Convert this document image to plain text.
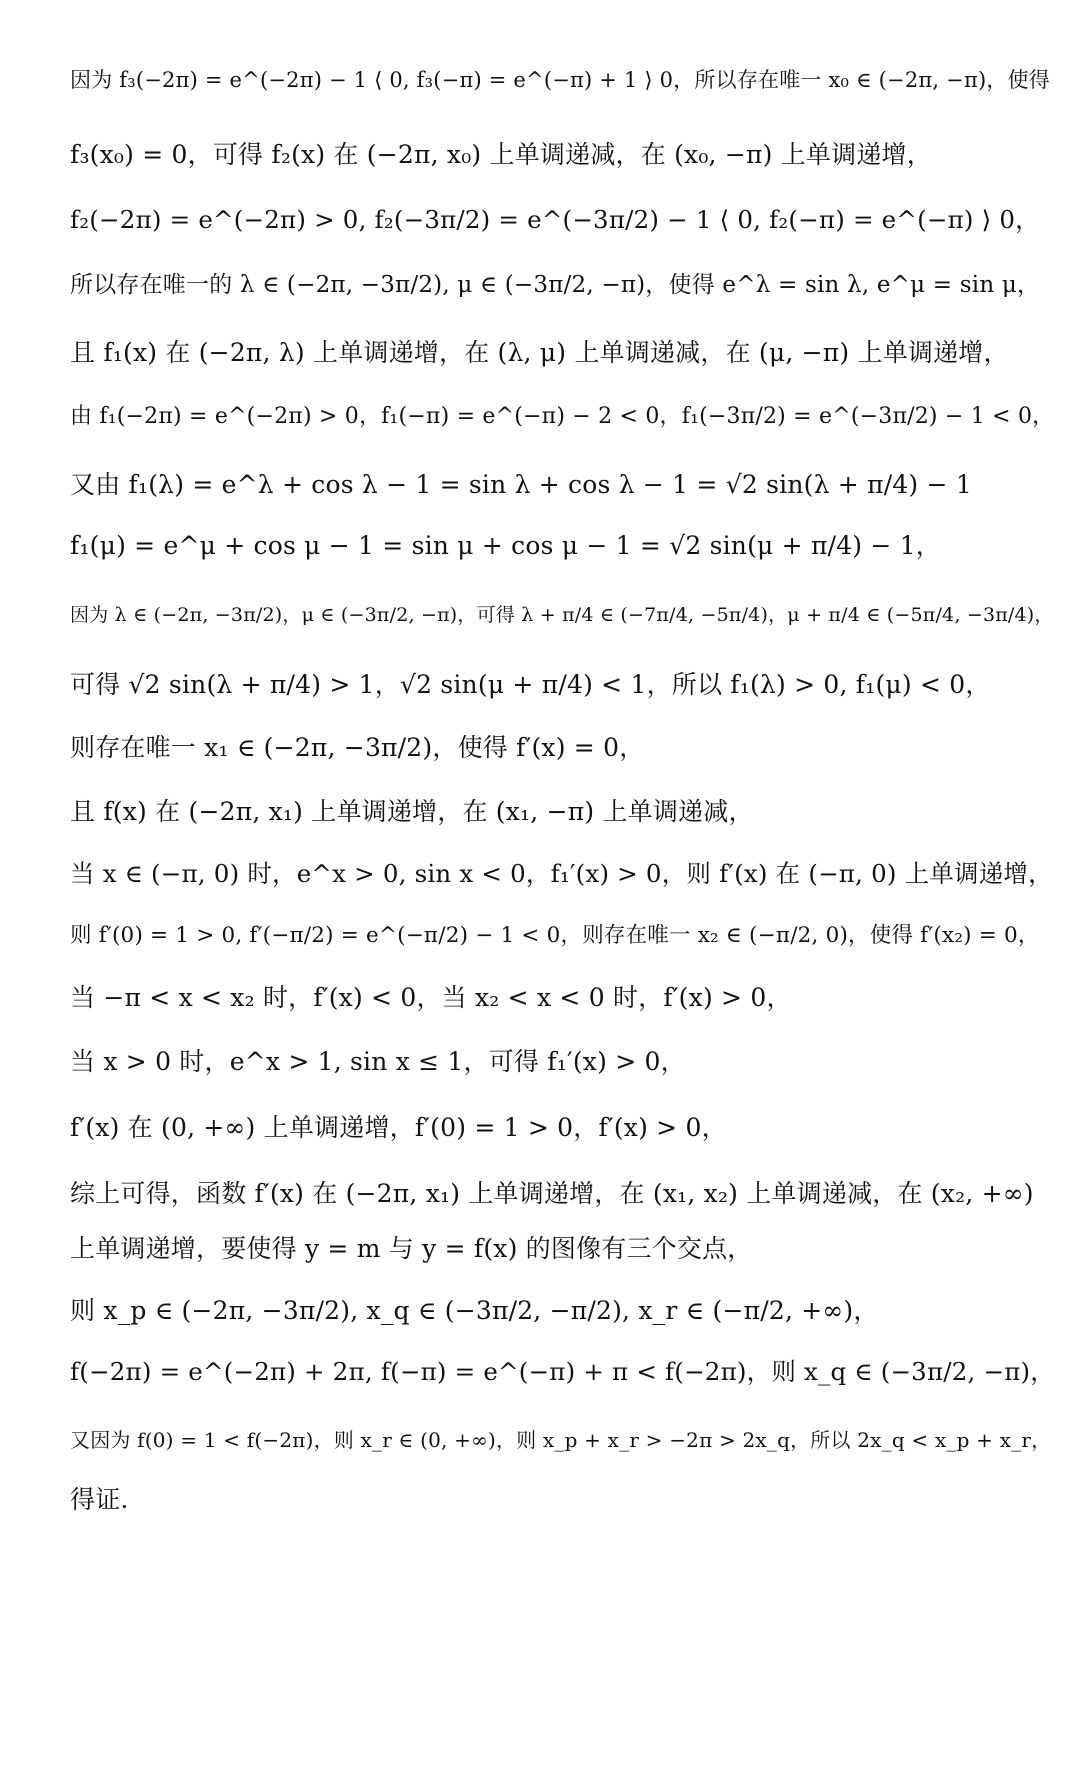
因为 f₃(−2π) = e^(−2π) − 1 ⟨ 0, f₃(−π) = e^(−π) + 1 ⟩ 0，所以存在唯一 x₀ ∈ (−2π, −π)，使得
f₃(x₀) = 0，可得 f₂(x) 在 (−2π, x₀) 上单调递减，在 (x₀, −π) 上单调递增，
f₂(−2π) = e^(−2π) > 0, f₂(−3π/2) = e^(−3π/2) − 1 ⟨ 0, f₂(−π) = e^(−π) ⟩ 0，
所以存在唯一的 λ ∈ (−2π, −3π/2), μ ∈ (−3π/2, −π)，使得 e^λ = sin λ, e^μ = sin μ，
且 f₁(x) 在 (−2π, λ) 上单调递增，在 (λ, μ) 上单调递减，在 (μ, −π) 上单调递增，
由 f₁(−2π) = e^(−2π) > 0，f₁(−π) = e^(−π) − 2 < 0，f₁(−3π/2) = e^(−3π/2) − 1 < 0，
又由 f₁(λ) = e^λ + cos λ − 1 = sin λ + cos λ − 1 = √2 sin(λ + π/4) − 1
f₁(μ) = e^μ + cos μ − 1 = sin μ + cos μ − 1 = √2 sin(μ + π/4) − 1，
因为 λ ∈ (−2π, −3π/2)，μ ∈ (−3π/2, −π)，可得 λ + π/4 ∈ (−7π/4, −5π/4)，μ + π/4 ∈ (−5π/4, −3π/4)，
可得 √2 sin(λ + π/4) > 1，√2 sin(μ + π/4) < 1，所以 f₁(λ) > 0, f₁(μ) < 0，
则存在唯一 x₁ ∈ (−2π, −3π/2)，使得 f′(x) = 0，
且 f(x) 在 (−2π, x₁) 上单调递增，在 (x₁, −π) 上单调递减，
当 x ∈ (−π, 0) 时，e^x > 0, sin x < 0，f₁′(x) > 0，则 f′(x) 在 (−π, 0) 上单调递增，
则 f′(0) = 1 > 0, f′(−π/2) = e^(−π/2) − 1 < 0，则存在唯一 x₂ ∈ (−π/2, 0)，使得 f′(x₂) = 0，
当 −π < x < x₂ 时，f′(x) < 0，当 x₂ < x < 0 时，f′(x) > 0，
当 x > 0 时，e^x > 1, sin x ≤ 1，可得 f₁′(x) > 0，
f′(x) 在 (0, +∞) 上单调递增，f′(0) = 1 > 0，f′(x) > 0，
综上可得，函数 f′(x) 在 (−2π, x₁) 上单调递增，在 (x₁, x₂) 上单调递减，在 (x₂, +∞)
上单调递增，要使得 y = m 与 y = f(x) 的图像有三个交点，
则 x_p ∈ (−2π, −3π/2), x_q ∈ (−3π/2, −π/2), x_r ∈ (−π/2, +∞)，
f(−2π) = e^(−2π) + 2π, f(−π) = e^(−π) + π < f(−2π)，则 x_q ∈ (−3π/2, −π)，
又因为 f(0) = 1 < f(−2π)，则 x_r ∈ (0, +∞)，则 x_p + x_r > −2π > 2x_q，所以 2x_q < x_p + x_r，
得证.
